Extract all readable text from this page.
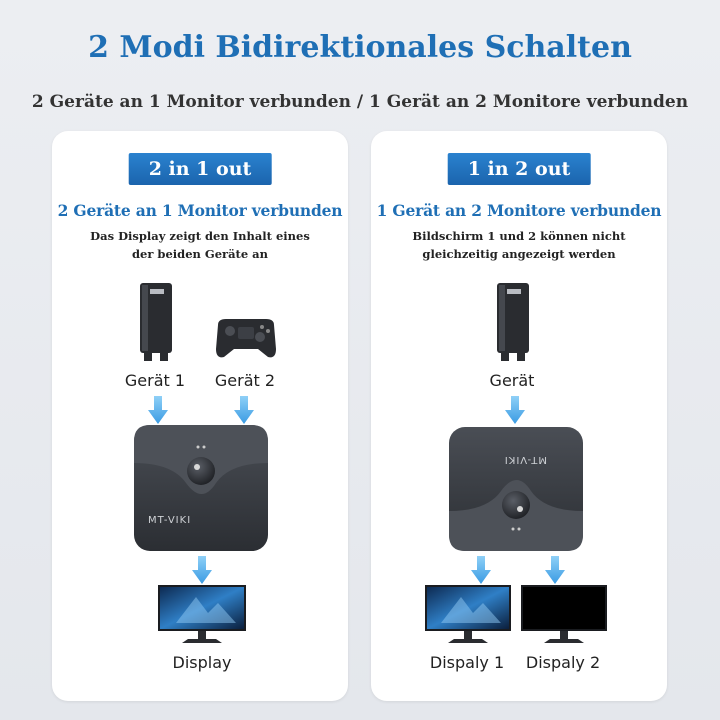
2 Modi Bidirektionales Schalten
2 Geräte an 1 Monitor verbunden / 1 Gerät an 2 Monitore verbunden
2 in 1 out
2 Geräte an 1 Monitor verbunden
Das Display zeigt den Inhalt eines
der beiden Geräte an
Gerät 1	Gerät 2
MT-VIKI
Display
1 in 2 out
1 Gerät an 2 Monitore verbunden
Bildschirm 1 und 2 können nicht
gleichzeitig angezeigt werden
Gerät
MT-VIKI
Dispaly 1	Dispaly 2
